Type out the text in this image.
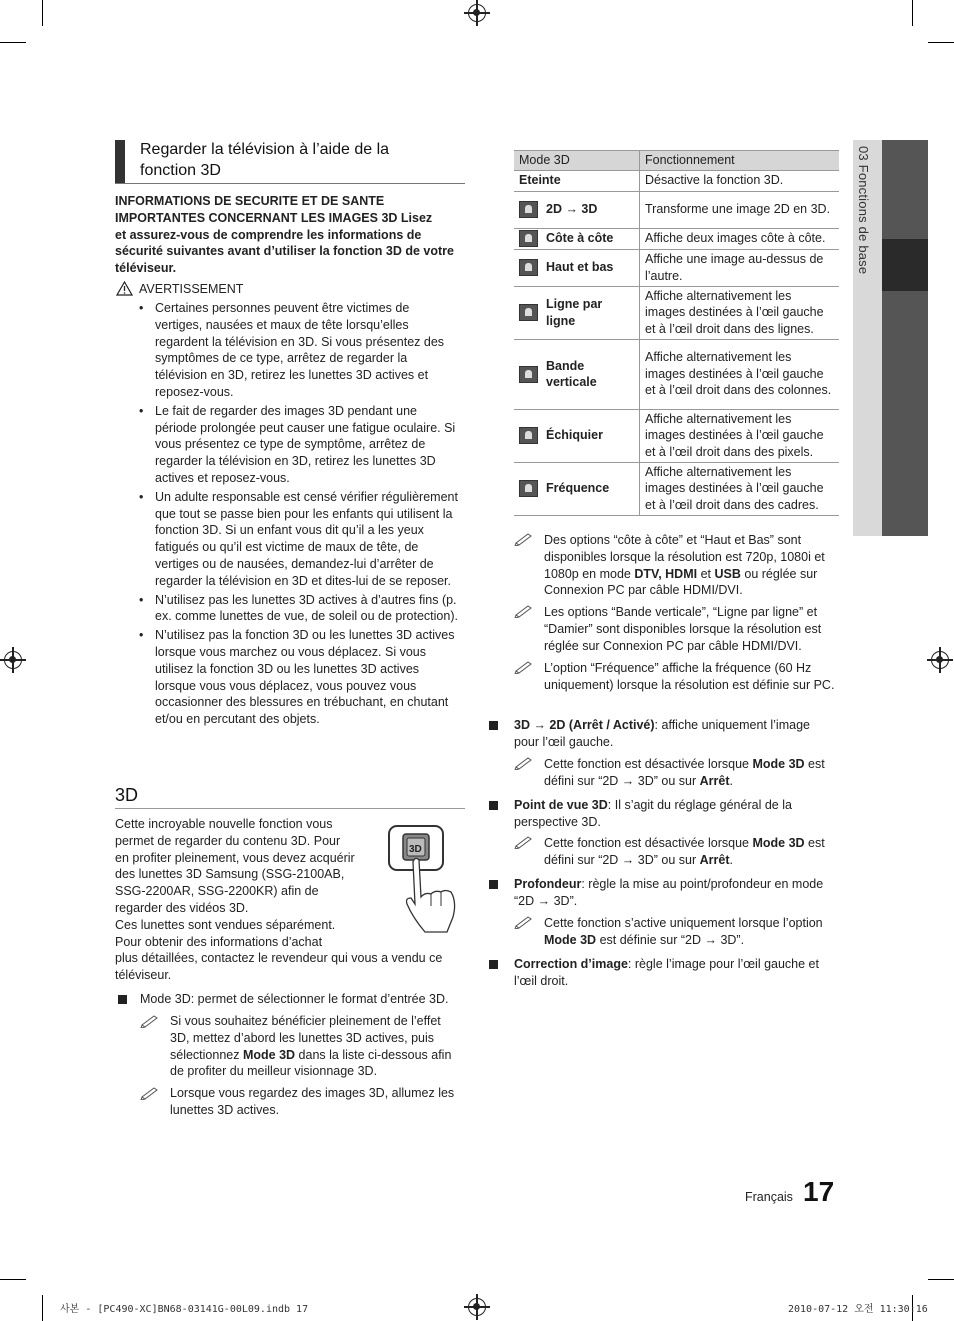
03 Fonctions de base
Regarder la télévision à l’aide de la fonction 3D
INFORMATIONS DE SECURITE ET DE SANTE
IMPORTANTES CONCERNANT LES IMAGES 3D Lisez
et assurez-vous de comprendre les informations de
sécurité suivantes avant d’utiliser la fonction 3D de votre
téléviseur.
AVERTISSEMENT
• Certaines personnes peuvent être victimes de vertiges, nausées et maux de tête lorsqu’elles regardent la télévision en 3D. Si vous présentez des symptômes de ce type, arrêtez de regarder la télévision en 3D, retirez les lunettes 3D actives et reposez-vous.
• Le fait de regarder des images 3D pendant une période prolongée peut causer une fatigue oculaire. Si vous présentez ce type de symptôme, arrêtez de regarder la télévision en 3D, retirez les lunettes 3D actives et reposez-vous.
• Un adulte responsable est censé vérifier régulièrement que tout se passe bien pour les enfants qui utilisent la fonction 3D. Si un enfant vous dit qu’il a les yeux fatigués ou qu’il est victime de maux de tête, de vertiges ou de nausées, demandez-lui d’arrêter de regarder la télévision en 3D et dites-lui de se reposer.
• N’utilisez pas les lunettes 3D actives à d’autres fins (p. ex. comme lunettes de vue, de soleil ou de protection).
• N’utilisez pas la fonction 3D ou les lunettes 3D actives lorsque vous marchez ou vous déplacez. Si vous utilisez la fonction 3D ou les lunettes 3D actives lorsque vous vous déplacez, vous pouvez vous occasionner des blessures en trébuchant, en chutant et/ou en percutant des objets.
3D
Cette incroyable nouvelle fonction vous
permet de regarder du contenu 3D. Pour
en profiter pleinement, vous devez acquérir
des lunettes 3D Samsung (SSG-2100AB,
SSG-2200AR, SSG-2200KR) afin de
regarder des vidéos 3D.
Ces lunettes sont vendues séparément.
Pour obtenir des informations d’achat
plus détaillées, contactez le revendeur qui vous a vendu ce
téléviseur.
3D
Mode 3D: permet de sélectionner le format d’entrée 3D.
Si vous souhaitez bénéficier pleinement de l’effet 3D, mettez d’abord les lunettes 3D actives, puis sélectionnez Mode 3D dans la liste ci-dessous afin de profiter du meilleur visionnage 3D.
Lorsque vous regardez des images 3D, allumez les lunettes 3D actives.
Mode 3D	Fonctionnement
Eteinte	Désactive la fonction 3D.

2D → 3D	Transforme une image 2D en 3D.

Côte à côte	Affiche deux images côte à côte.

Haut et bas	Affiche une image au-dessus de l’autre.

Ligne par ligne	Affiche alternativement les images destinées à l’œil gauche et à l’œil droit dans des lignes.

Bande verticale	Affiche alternativement les images destinées à l’œil gauche et à l’œil droit dans des colonnes.

Échiquier	Affiche alternativement les images destinées à l’œil gauche et à l’œil droit dans des pixels.

Fréquence	Affiche alternativement les images destinées à l’œil gauche et à l’œil droit dans des cadres.
Des options “côte à côte” et “Haut et Bas” sont disponibles lorsque la résolution est 720p, 1080i et 1080p en mode DTV, HDMI et USB ou réglée sur Connexion PC par câble HDMI/DVI.
Les options “Bande verticale”, “Ligne par ligne” et “Damier” sont disponibles lorsque la résolution est réglée sur Connexion PC par câble HDMI/DVI.
L’option “Fréquence” affiche la fréquence (60 Hz uniquement) lorsque la résolution est définie sur PC.
3D → 2D (Arrêt / Activé): affiche uniquement l’image pour l’œil gauche.
Cette fonction est désactivée lorsque Mode 3D est défini sur “2D → 3D” ou sur Arrêt.
Point de vue 3D: Il s’agit du réglage général de la perspective 3D.
Cette fonction est désactivée lorsque Mode 3D est défini sur “2D → 3D” ou sur Arrêt.
Profondeur: règle la mise au point/profondeur en mode “2D → 3D”.
Cette fonction s’active uniquement lorsque l’option Mode 3D est définie sur “2D → 3D”.
Correction d’image: règle l’image pour l’œil gauche et l’œil droit.
Français 17
사본 - [PC490-XC]BN68-03141G-00L09.indb 17	2010-07-12 오전 11:30:16
